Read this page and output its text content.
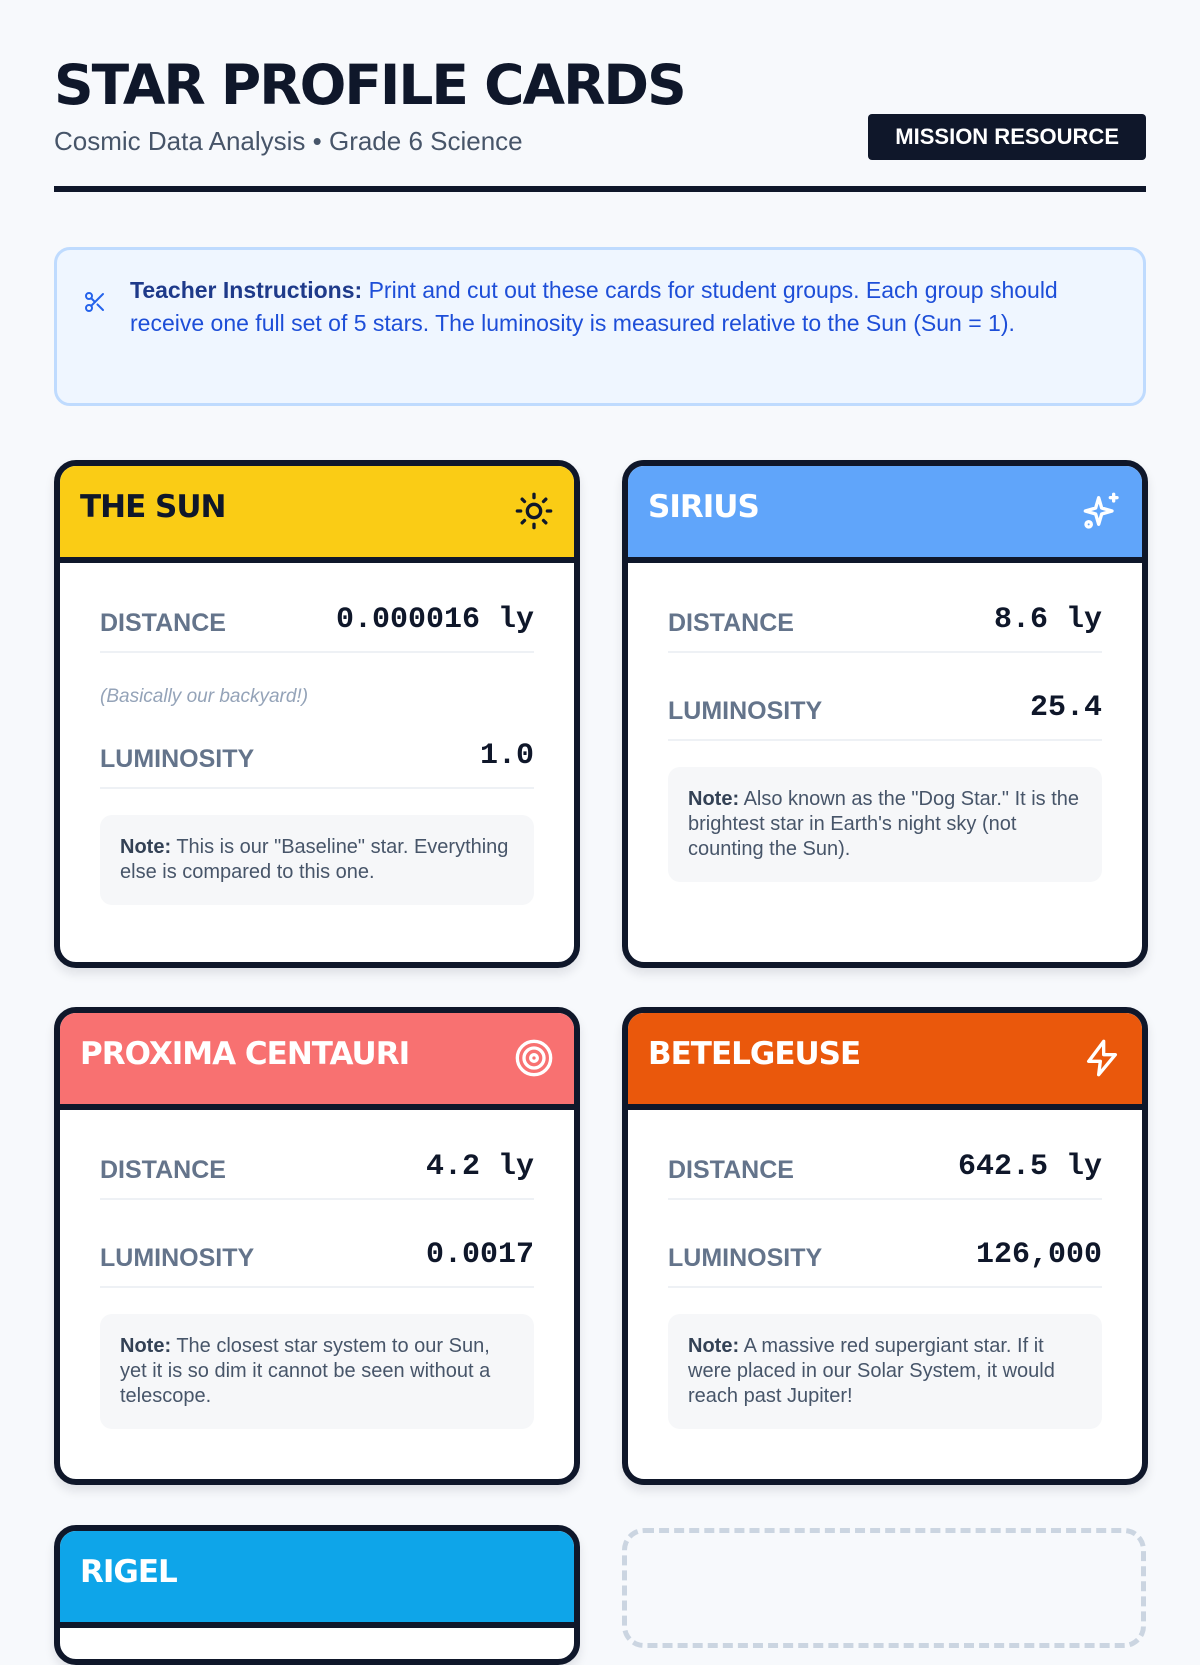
STAR PROFILE CARDS
Cosmic Data Analysis • Grade 6 Science	MISSION RESOURCE
Teacher Instructions: Print and cut out these cards for student groups. Each group should receive one full set of 5 stars. The luminosity is measured relative to the Sun (Sun = 1).
THE SUN
DISTANCE	0.000016 ly
(Basically our backyard!)
LUMINOSITY	1.0
Note: This is our "Baseline" star. Everything else is compared to this one.
SIRIUS
DISTANCE	8.6 ly
LUMINOSITY	25.4
Note: Also known as the "Dog Star." It is the brightest star in Earth's night sky (not counting the Sun).
PROXIMA CENTAURI
DISTANCE	4.2 ly
LUMINOSITY	0.0017
Note: The closest star system to our Sun, yet it is so dim it cannot be seen without a telescope.
BETELGEUSE
DISTANCE	642.5 ly
LUMINOSITY	126,000
Note: A massive red supergiant star. If it were placed in our Solar System, it would reach past Jupiter!
RIGEL
